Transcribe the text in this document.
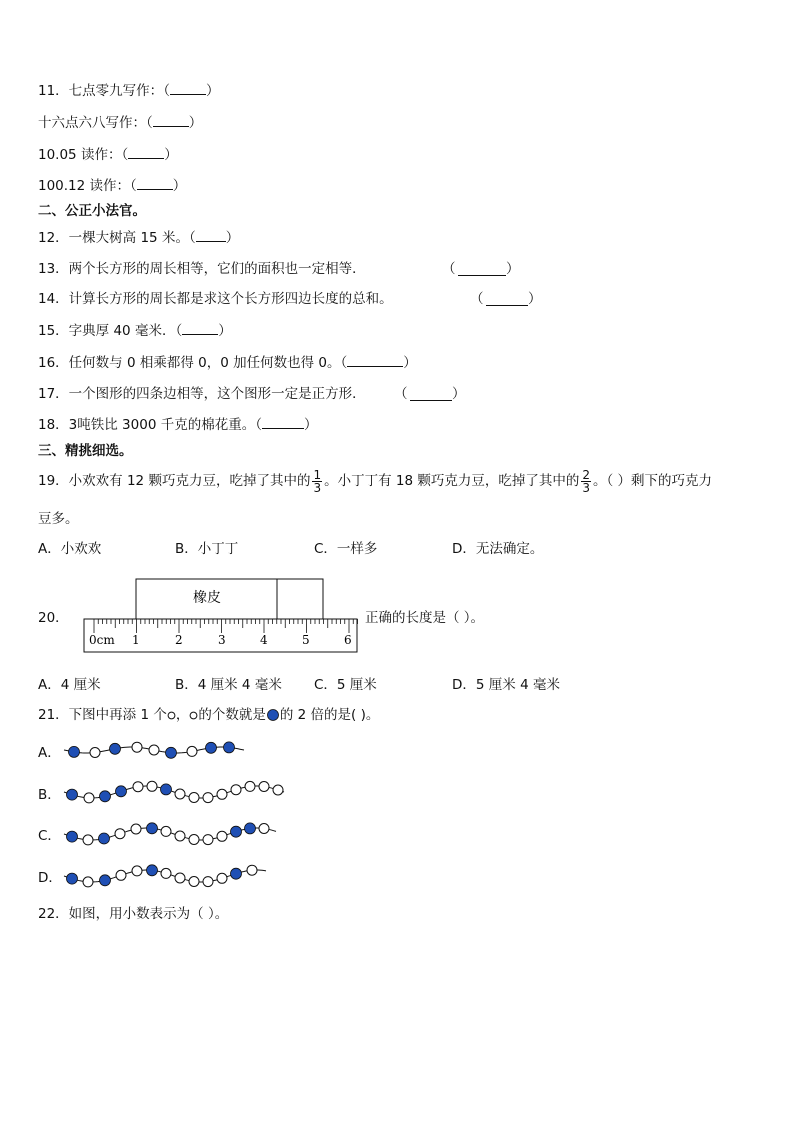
11．七点零九写作：（	）
十六点六八写作：（	）
10.05 读作：（	）
100.12 读作：（	）
二、公正小法官。
12．一棵大树高 15 米。（ ）
13．两个长方形的周长相等，它们的面积也一定相等．	（	）
14．计算长方形的周长都是求这个长方形四边长度的总和。	（	）
15．字典厚 40 毫米．（	）
16．任何数与 0 相乘都得 0，0 加任何数也得 0。（	）
17．一个图形的四条边相等，这个图形一定是正方形． （	）
18．3吨铁比 3000 千克的棉花重。（	）
三、精挑细选。
19．小欢欢有 12 颗巧克力豆，吃掉了其中的 $\frac{1}{3}$ 。小丁丁有 18 颗巧克力豆，吃掉了其中的 $\frac{2}{3}$ 。（ ）剩下的巧克力
豆多。
A．小欢欢	B．小丁丁	C．一样多	D．无法确定。
20．
橡皮
0cm 1	2	3	4	5	6
正确的长度是（ ）。
A．4 厘米	B．4 厘米 4 毫米 C．5 厘米	D．5 厘米 4 毫米
21．下图中再添 1 个 ， 的个数就是 的 2 倍的是( )。
A．
B．
C．
D．
22．如图，用小数表示为（ ）。
